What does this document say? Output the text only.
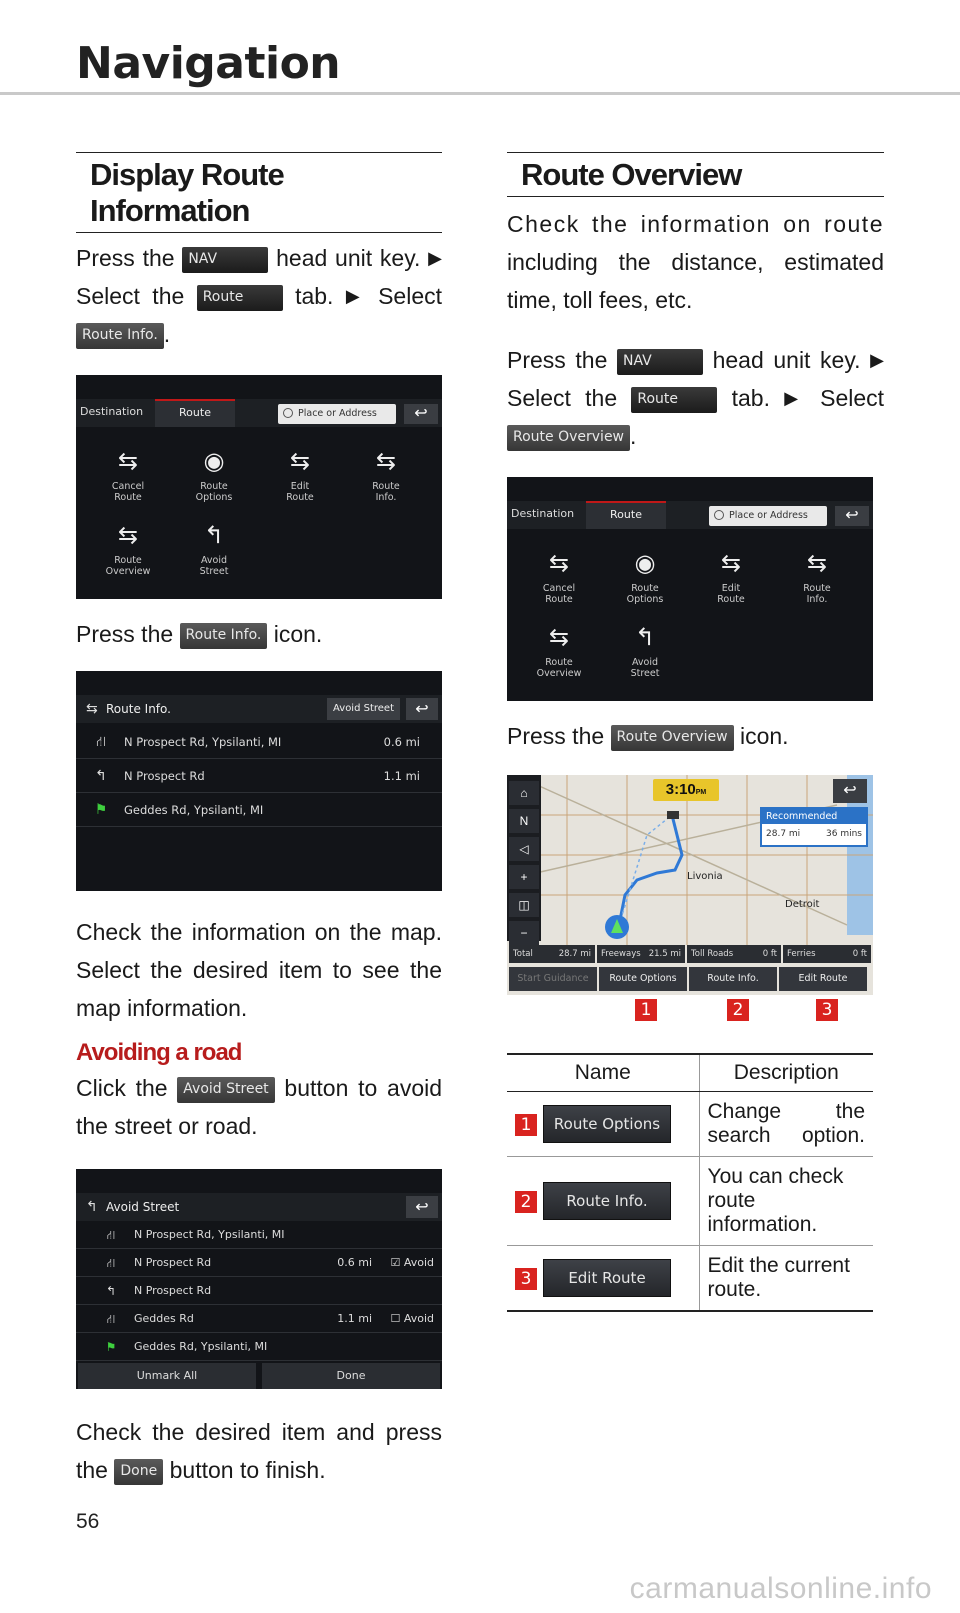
Navigation
Display Route Information
Press the NAV	head unit key. ▶
Select the Route tab. ▶ Select
Route Info. .
Destination	Route	Place or Address	↩
⇆
Cancel
Route
◉
Route
Options
⇆
Edit
Route
⇆
Route
Info.
⇆
Route
Overview
↰
Avoid
Street
Press the Route Info. icon.
⇆ Route Info.	Avoid Street	↩
⛙	N Prospect Rd, Ypsilanti, MI	0.6 mi
↰	N Prospect Rd	1.1 mi
⚑	Geddes Rd, Ypsilanti, MI
Check the information on the map.
Select the desired item to see the
map information.
Avoiding a road
Click the Avoid Street button to avoid
the street or road.
↰ Avoid Street	↩
⛙	N Prospect Rd, Ypsilanti, MI
⛙	N Prospect Rd	0.6 mi ☑ Avoid
↰	N Prospect Rd
⛙	Geddes Rd	1.1 mi ☐ Avoid
⚑	Geddes Rd, Ypsilanti, MI
Unmark All	Done
Check the desired item and press
the Done button to finish.
Route Overview
Check the information on route
including the distance, estimated
time, toll fees, etc.
Press the NAV	head unit key. ▶
Select the Route tab. ▶ Select
Route Overview .
Destination	Route	Place or Address	↩
⇆
Cancel
Route
◉
Route
Options
⇆
Edit
Route
⇆
Route
Info.
⇆
Route
Overview
↰
Avoid
Street
Press the Route Overview icon.
⌂
N
◁
+
◫
−
3:10PM	↩
Recommended
28.7 mi	36 mins
Livonia
Detroit
Total	28.7 mi	Freeways 21.5 mi	Toll Roads	0 ft	Ferries	0 ft
Start Guidance	Route Options	Route Info.	Edit Route
1	2	3
Name	Description
1 Route Options	Change the search option.
2 Route Info.	You can check route information.
3 Edit Route	Edit the current route.
56
carmanualsonline.info
